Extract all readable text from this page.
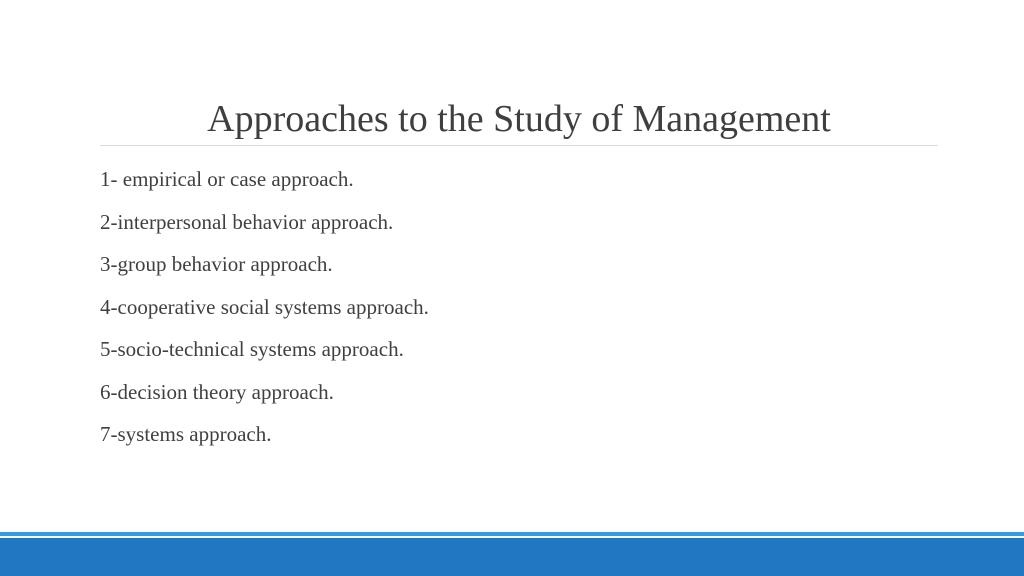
Approaches to the Study of Management
1- empirical or case approach.
2-interpersonal behavior approach.
3-group behavior approach.
4-cooperative social systems approach.
5-socio-technical systems approach.
6-decision theory approach.
7-systems approach.
